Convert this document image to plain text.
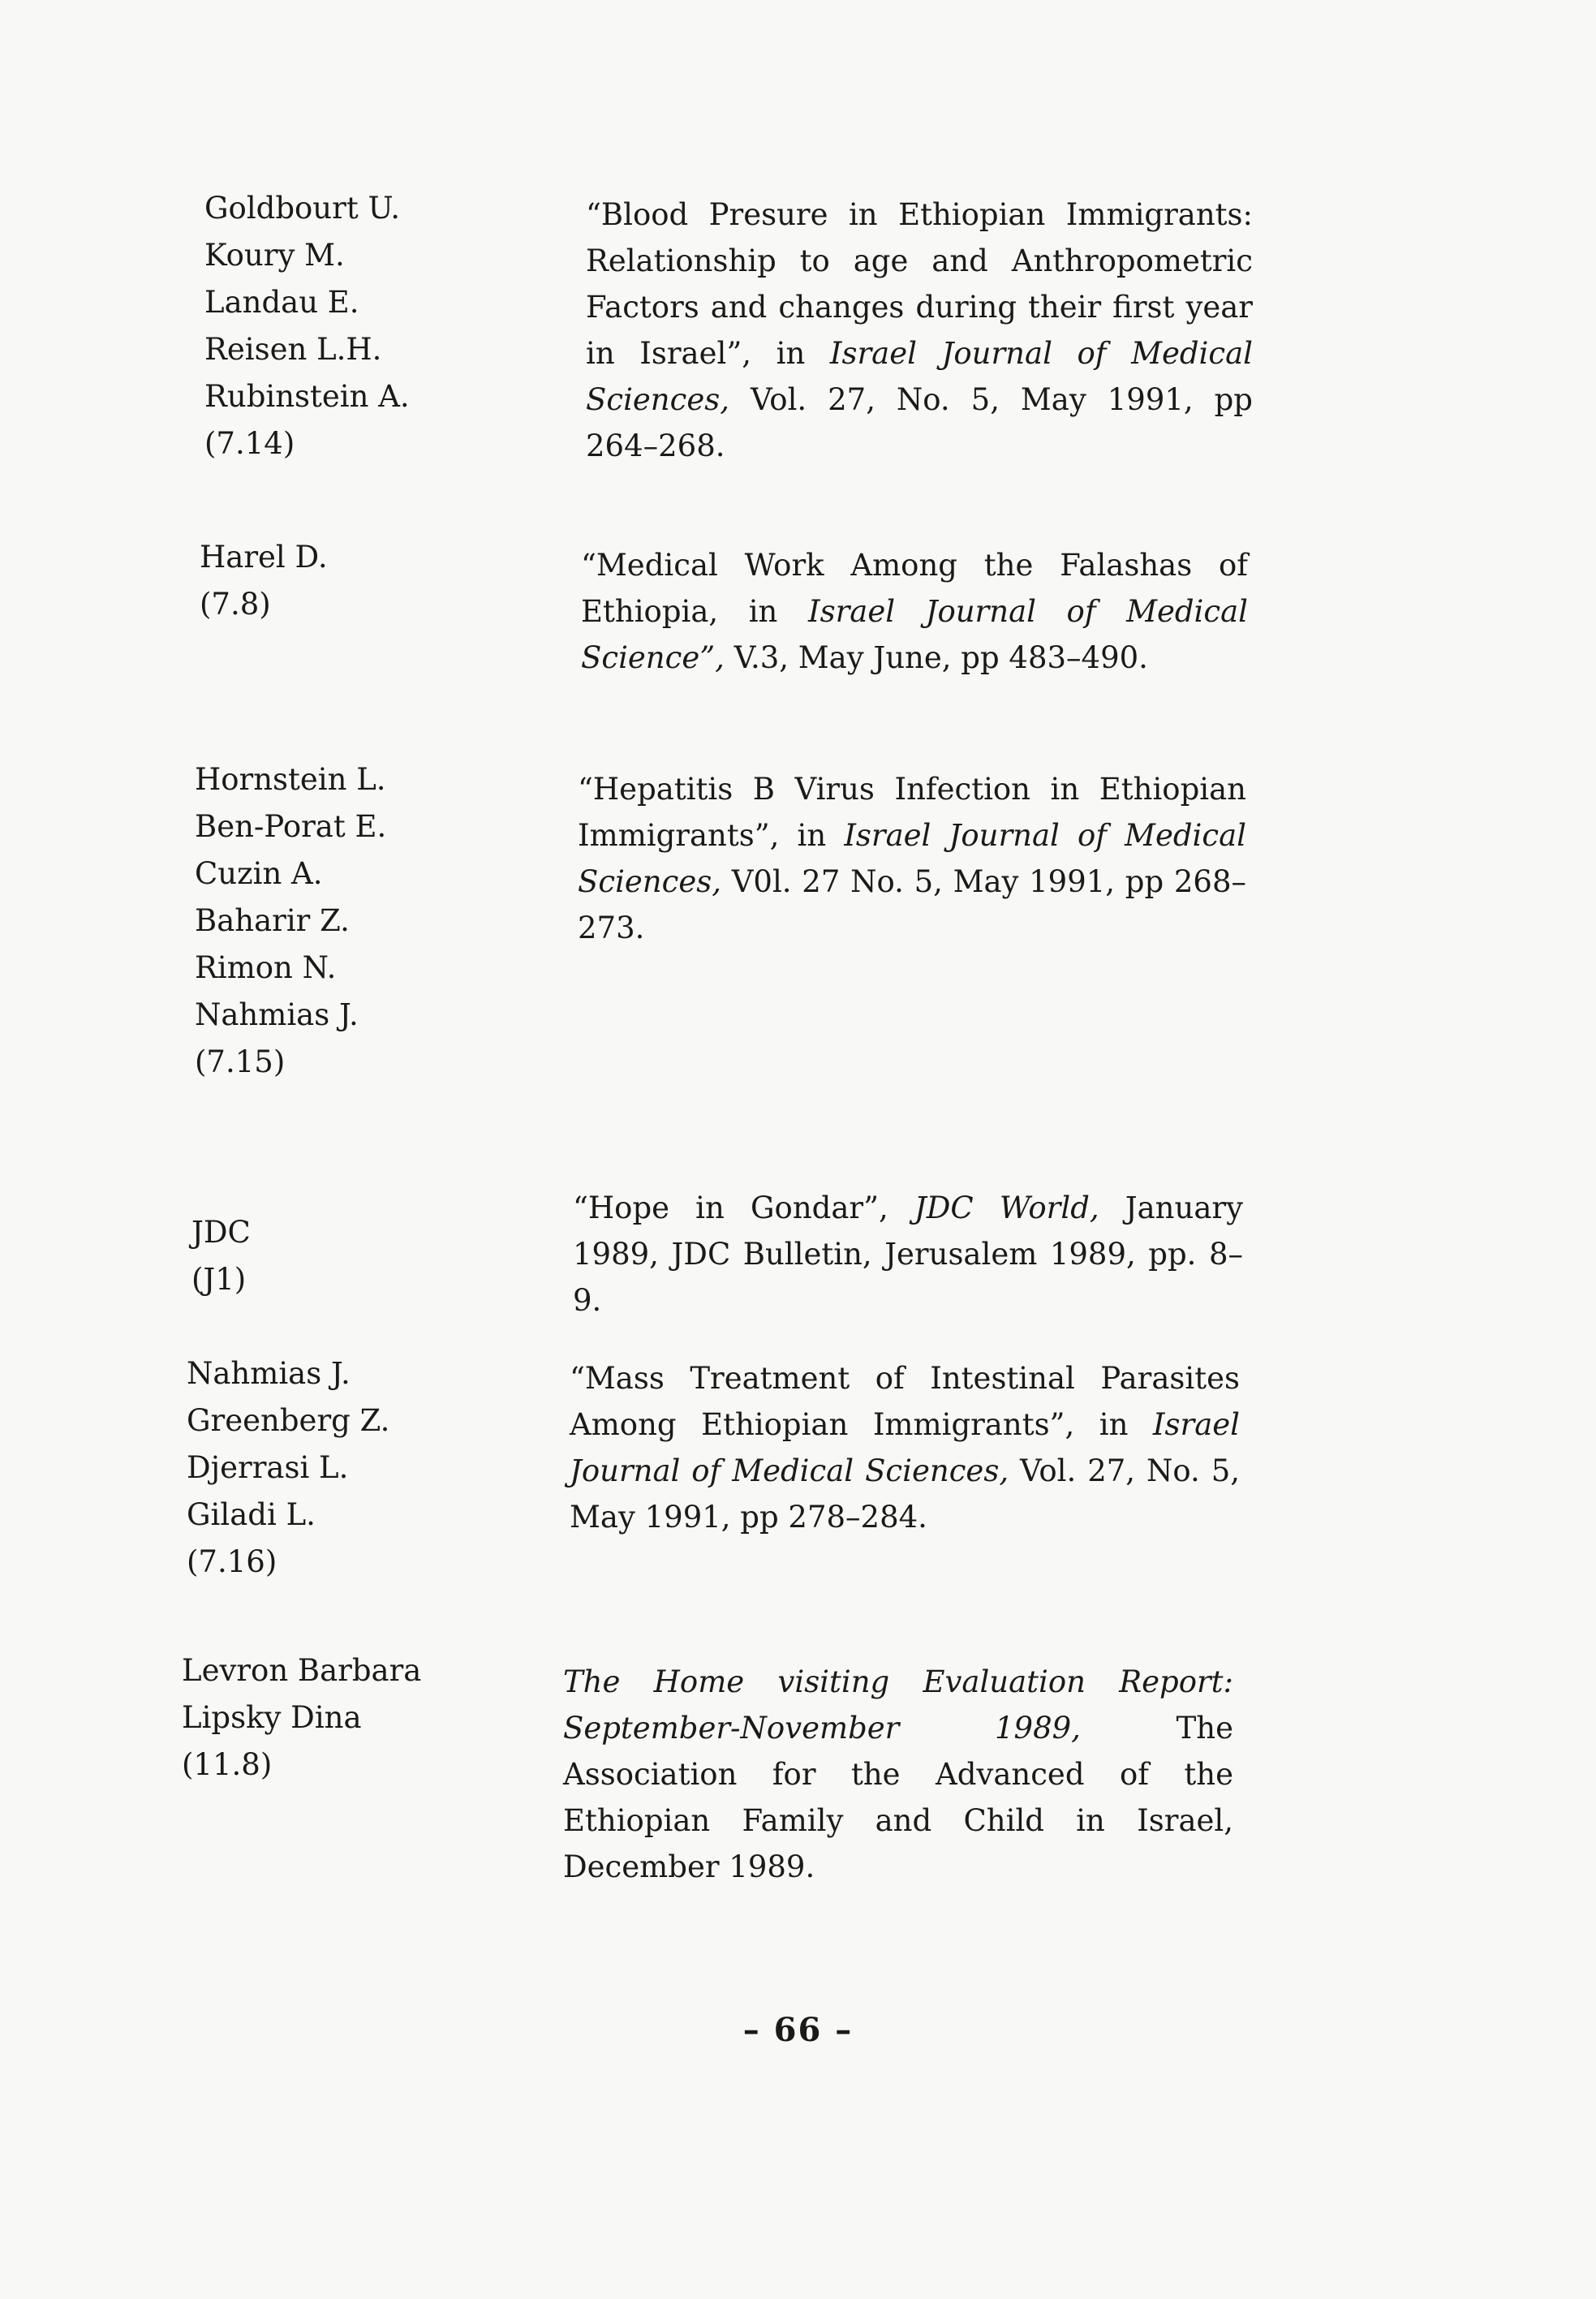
Goldbourt U.
Koury M.
Landau E.
Reisen L.H.
Rubinstein A.
(7.14)
“Blood Presure in Ethiopian Immigrants: Relationship to age and Anthropometric Factors and changes during their first year in Israel”, in Israel Journal of Medical Sciences, Vol. 27, No. 5, May 1991, pp 264–268.
Harel D.
(7.8)
“Medical Work Among the Falashas of Ethiopia, in Israel Journal of Medical Science”, V.3, May June, pp 483–490.
Hornstein L.
Ben-Porat E.
Cuzin A.
Baharir Z.
Rimon N.
Nahmias J.
(7.15)
“Hepatitis B Virus Infection in Ethiopian Immigrants”, in Israel Journal of Medical Sciences, V0l. 27 No. 5, May 1991, pp 268–273.
JDC
(J1)
“Hope in Gondar”, JDC World, January 1989, JDC Bulletin, Jerusalem 1989, pp. 8–9.
Nahmias J.
Greenberg Z.
Djerrasi L.
Giladi L.
(7.16)
“Mass Treatment of Intestinal Parasites Among Ethiopian Immigrants”, in Israel Journal of Medical Sciences, Vol. 27, No. 5, May 1991, pp 278–284.
Levron Barbara
Lipsky Dina
(11.8)
The Home visiting Evaluation Report: September-November 1989, The Association for the Advanced of the Ethiopian Family and Child in Israel, December 1989.
– 66 –
